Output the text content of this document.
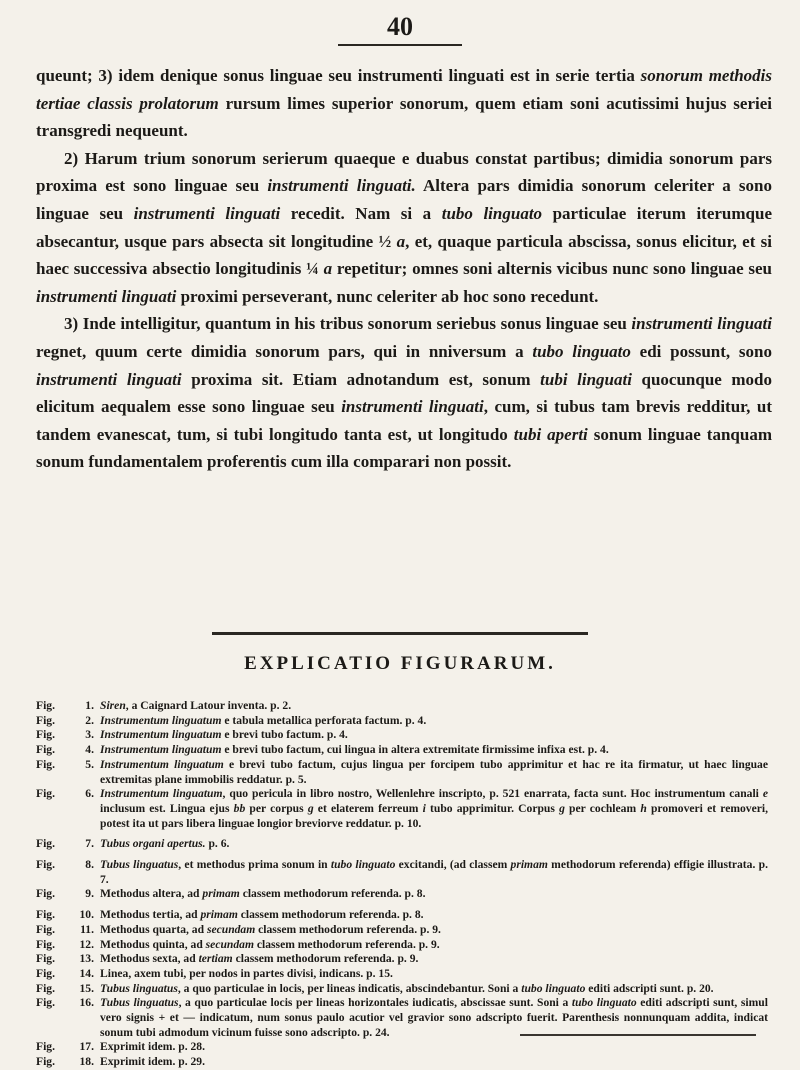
40

queunt; 3) idem denique sonus linguae seu instrumenti linguati est in serie tertia sonorum methodis tertiae classis prolatorum rursum limes superior sonorum, quem etiam soni acutissimi hujus seriei transgredi nequeunt.

2) Harum trium sonorum serierum quaeque e duabus constat partibus; dimidia sonorum pars proxima est sono linguae seu instrumenti linguati. Altera pars dimidia sonorum celeriter a sono linguae seu instrumenti linguati recedit. Nam si a tubo linguato particulae iterum iterumque absecantur, usque pars absecta sit longitudine ½ a, et, quaque particula abscissa, sonus elicitur, et si haec successiva absectio longitudinis ¼ a repetitur; omnes soni alternis vicibus nunc sono linguae seu instrumenti linguati proximi perseverant, nunc celeriter ab hoc sono recedunt.

3) Inde intelligitur, quantum in his tribus sonorum seriebus sonus linguae seu instrumenti linguati regnet, quum certe dimidia sonorum pars, qui in nniversum a tubo linguato edi possunt, sono instrumenti linguati proxima sit. Etiam adnotandum est, sonum tubi linguati quocunque modo elicitum aequalem esse sono linguae seu instrumenti linguati, cum, si tubus tam brevis redditur, ut tandem evanescat, tum, si tubi longitudo tanta est, ut longitudo tubi aperti sonum linguae tanquam sonum fundamentalem proferentis cum illa comparari non possit.

EXPLICATIO FIGURARUM.
Fig.	1. Siren, a Caignard Latour inventa. p. 2.
Fig.	2. Instrumentum linguatum e tabula metallica perforata factum. p. 4.
Fig.	3. Instrumentum linguatum e brevi tubo factum. p. 4.
Fig.	4. Instrumentum linguatum e brevi tubo factum, cui lingua in altera extremitate firmissime infixa est. p. 4.
Fig.	5. Instrumentum linguatum e brevi tubo factum, cujus lingua per forcipem tubo apprimitur et hac re ita firmatur, ut haec linguae extremitas plane immobilis reddatur. p. 5.
Fig.	6. Instrumentum linguatum, quo pericula in libro nostro, Wellenlehre inscripto, p. 521 enarrata, facta sunt. Hoc instrumentum canali e inclusum est. Lingua ejus bb per corpus g et elaterem ferreum i tubo apprimitur. Corpus g per cochleam h promoveri et removeri, potest ita ut pars libera linguae longior breviorve reddatur. p. 10.
Fig.	7. Tubus organi apertus. p. 6.
Fig.	8. Tubus linguatus, et methodus prima sonum in tubo linguato excitandi, (ad classem primam methodorum referenda) effigie illustrata. p. 7.
Fig.	9. Methodus altera, ad primam classem methodorum referenda. p. 8.
Fig.	10. Methodus tertia, ad primam classem methodorum referenda. p. 8.
Fig.	11. Methodus quarta, ad secundam classem methodorum referenda. p. 9.
Fig.	12. Methodus quinta, ad secundam classem methodorum referenda. p. 9.
Fig.	13. Methodus sexta, ad tertiam classem methodorum referenda. p. 9.
Fig.	14. Linea, axem tubi, per nodos in partes divisi, indicans. p. 15.
Fig.	15. Tubus linguatus, a quo particulae in locis, per lineas indicatis, abscindebantur. Soni a tubo linguato editi adscripti sunt. p. 20.
Fig.	16. Tubus linguatus, a quo particulae locis per lineas horizontales iudicatis, abscissae sunt. Soni a tubo linguato editi adscripti sunt, simul vero signis + et — indicatum, num sonus paulo acutior vel gravior sono adscripto fuerit. Parenthesis nonnunquam addita, indicat sonum tubi admodum vicinum fuisse sono adscripto. p. 24.
Fig.	17. Exprimit idem. p. 28.
Fig.	18. Exprimit idem. p. 29.
